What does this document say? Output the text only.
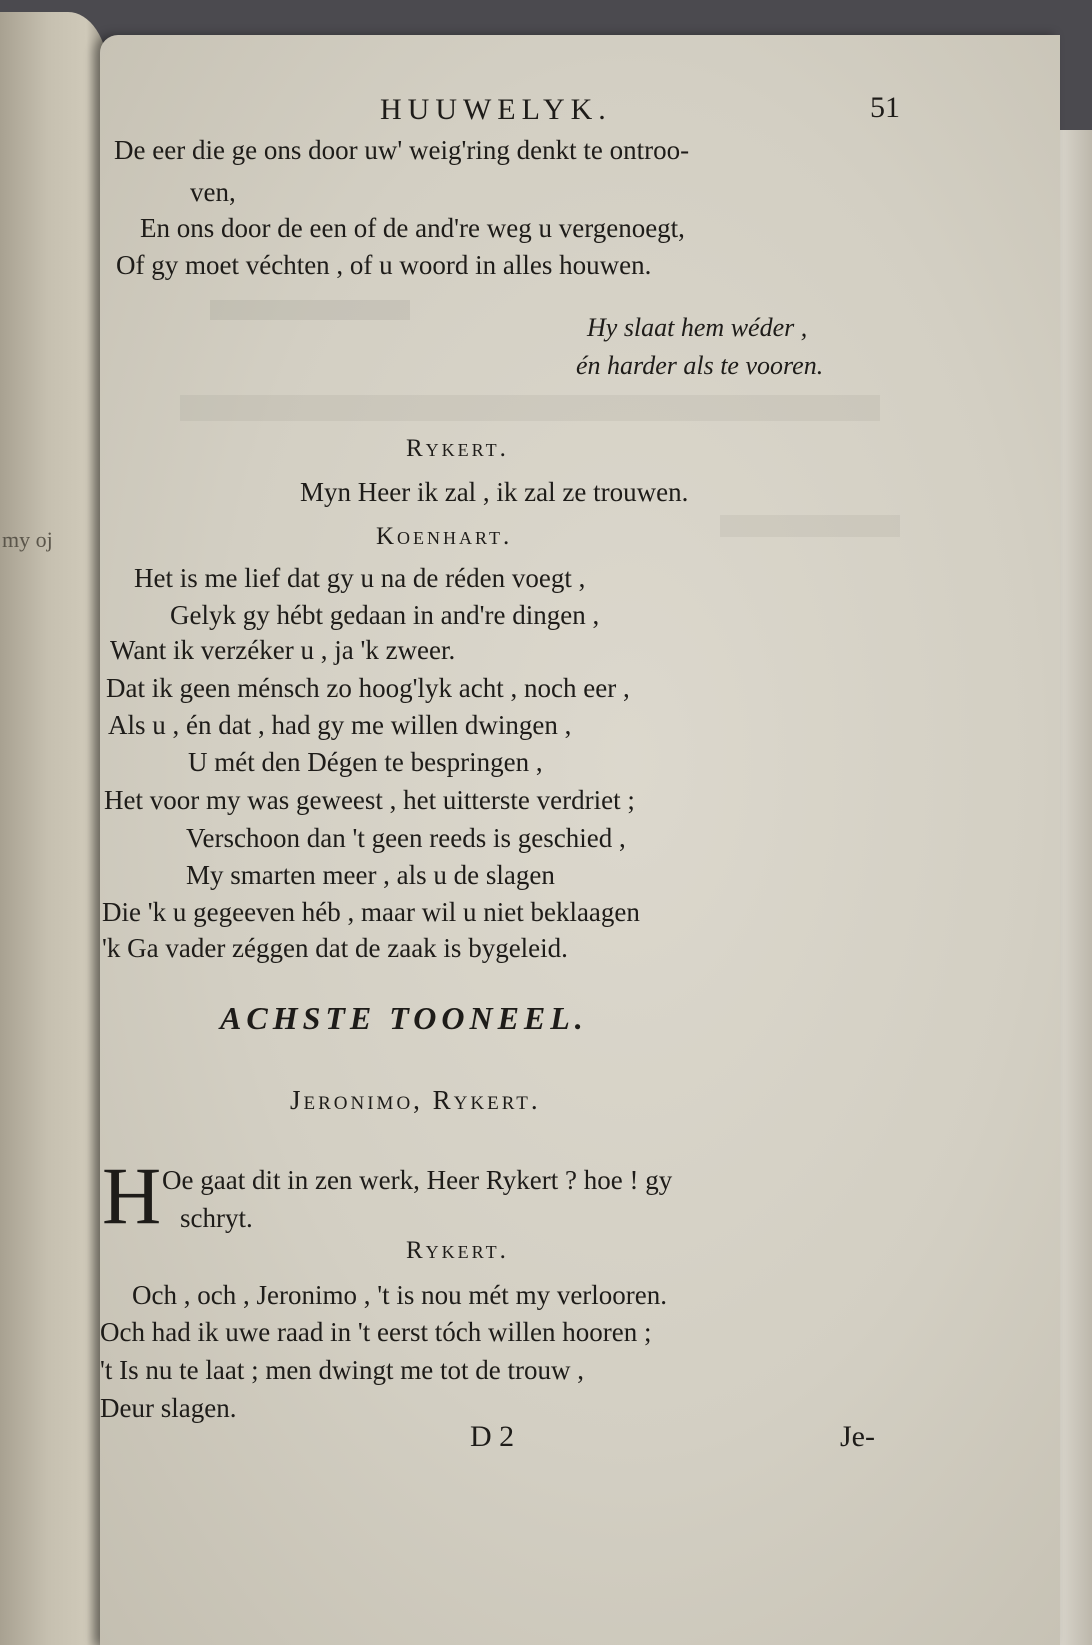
my oj
HUUWELYK.	51
De eer die ge ons door uw' weig'ring denkt te ontroo-
ven,
En ons door de een of de and're weg u vergenoegt,
Of gy moet véchten , of u woord in alles houwen.
Hy slaat hem wéder ,
én harder als te vooren.
Rykert.
Myn Heer ik zal , ik zal ze trouwen.
Koenhart.
Het is me lief dat gy u na de réden voegt ,
Gelyk gy hébt gedaan in and're dingen ,
Want ik verzéker u , ja 'k zweer.
Dat ik geen ménsch zo hoog'lyk acht , noch eer ,
Als u , én dat , had gy me willen dwingen ,
U mét den Dégen te bespringen ,
Het voor my was geweest , het uitterste verdriet ;
Verschoon dan 't geen reeds is geschied ,
My smarten meer , als u de slagen
Die 'k u gegeeven héb , maar wil u niet beklaagen
'k Ga vader zéggen dat de zaak is bygeleid.
ACHSTE TOONEEL.
Jeronimo, Rykert.
H Oe gaat dit in zen werk, Heer Rykert ? hoe ! gy
schryt.
Rykert.
Och , och , Jeronimo , 't is nou mét my verlooren.
Och had ik uwe raad in 't eerst tóch willen hooren ;
't Is nu te laat ; men dwingt me tot de trouw ,
Deur slagen.
D 2	Je-
